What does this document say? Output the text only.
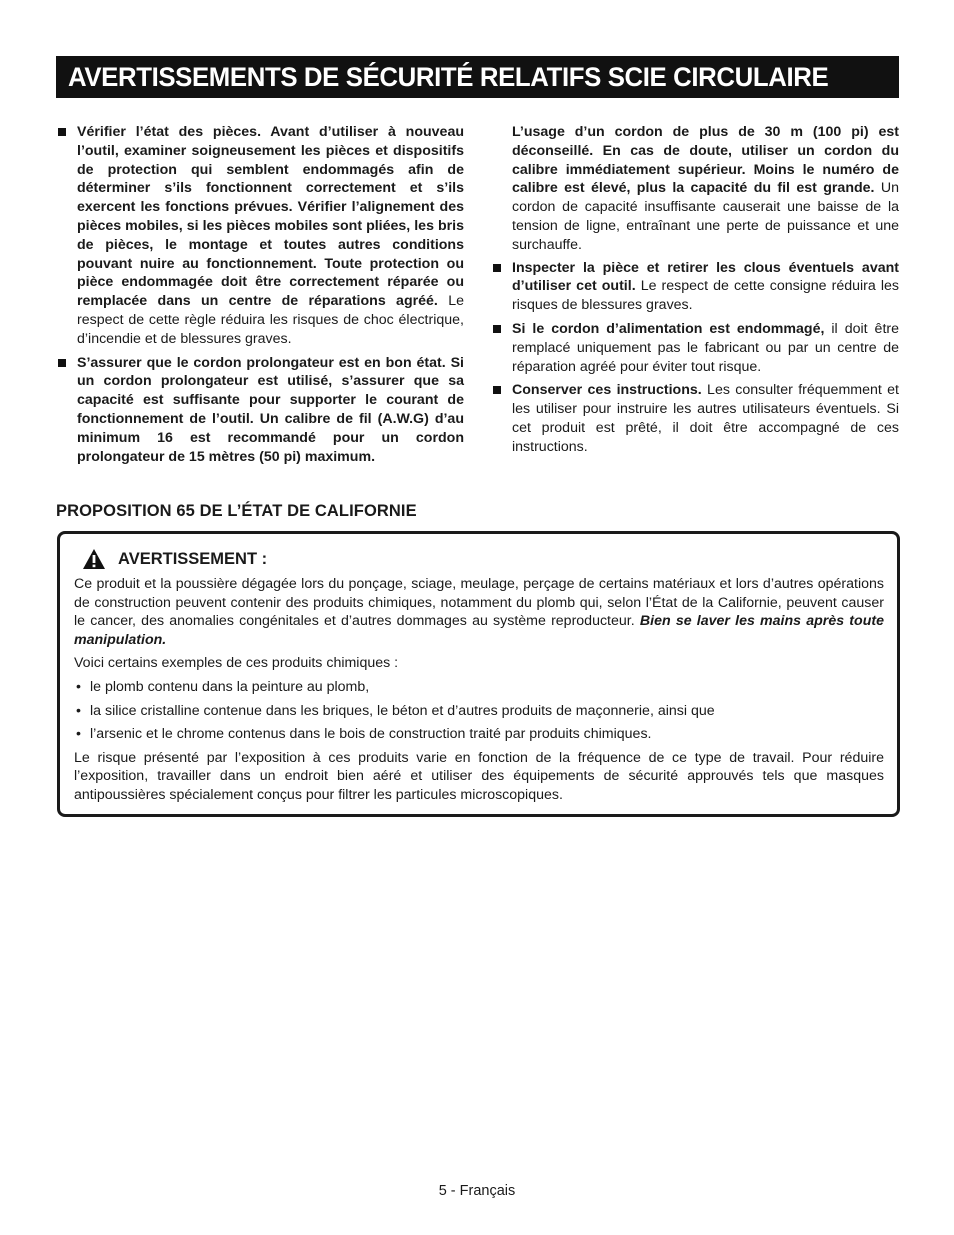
AVERTISSEMENTS DE SÉCURITÉ RELATIFS SCIE CIRCULAIRE
Vérifier l’état des pièces. Avant d’utiliser à nouveau l’outil, examiner soigneusement les pièces et dispositifs de protection qui semblent endommagés afin de déterminer s’ils fonctionnent correctement et s’ils exercent les fonctions prévues. Vérifier l’alignement des pièces mobiles, si les pièces mobiles sont pliées, les bris de pièces, le montage et toutes autres conditions pouvant nuire au fonctionnement. Toute protection ou pièce endommagée doit être correctement réparée ou remplacée dans un centre de réparations agréé. Le respect de cette règle réduira les risques de choc électrique, d’incendie et de blessures graves.
S’assurer que le cordon prolongateur est en bon état. Si un cordon prolongateur est utilisé, s’assurer que sa capacité est suffisante pour supporter le courant de fonctionnement de l’outil. Un calibre de fil (A.W.G) d’au minimum 16 est recommandé pour un cordon prolongateur de 15 mètres (50 pi) maximum.
L’usage d’un cordon de plus de 30 m (100 pi) est déconseillé. En cas de doute, utiliser un cordon du calibre immédiatement supérieur. Moins le numéro de calibre est élevé, plus la capacité du fil est grande. Un cordon de capacité insuffisante causerait une baisse de la tension de ligne, entraînant une perte de puissance et une surchauffe.
Inspecter la pièce et retirer les clous éventuels avant d’utiliser cet outil. Le respect de cette consigne réduira les risques de blessures graves.
Si le cordon d’alimentation est endommagé, il doit être remplacé uniquement pas le fabricant ou par un centre de réparation agréé pour éviter tout risque.
Conserver ces instructions. Les consulter fréquemment et les utiliser pour instruire les autres utilisateurs éventuels. Si cet produit est prêté, il doit être accompagné de ces instructions.
PROPOSITION 65 DE L’ÉTAT DE CALIFORNIE
AVERTISSEMENT :

Ce produit et la poussière dégagée lors du ponçage, sciage, meulage, perçage de certains matériaux et lors d’autres opérations de construction peuvent contenir des produits chimiques, notamment du plomb qui, selon l’État de la Californie, peuvent causer le cancer, des anomalies congénitales et d’autres dommages au système reproducteur. Bien se laver les mains après toute manipulation.

Voici certains exemples de ces produits chimiques :

• le plomb contenu dans la peinture au plomb,
• la silice cristalline contenue dans les briques, le béton et d’autres produits de maçonnerie, ainsi que
• l’arsenic et le chrome contenus dans le bois de construction traité par produits chimiques.

Le risque présenté par l’exposition à ces produits varie en fonction de la fréquence de ce type de travail. Pour réduire l’exposition, travailler dans un endroit bien aéré et utiliser des équipements de sécurité approuvés tels que masques antipoussières spécialement conçus pour filtrer les particules microscopiques.

5 - Français
